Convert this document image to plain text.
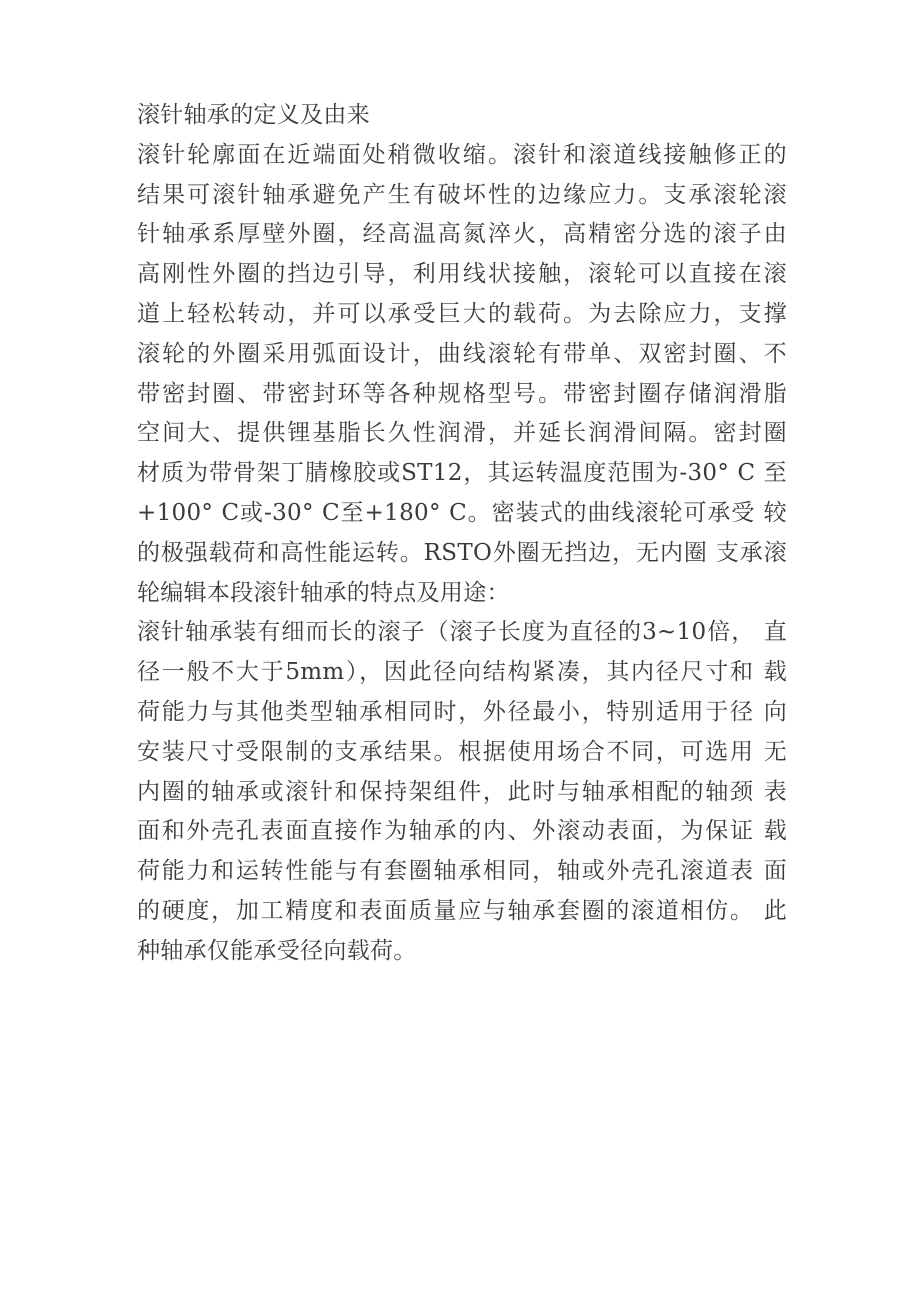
滚针轴承的定义及由来
滚针轮廓面在近端面处稍微收缩。滚针和滚道线接触修正的
结果可滚针轴承避免产生有破坏性的边缘应力。支承滚轮滚
针轴承系厚壁外圈，经高温高氮淬火，高精密分选的滚子由
高刚性外圈的挡边引导，利用线状接触，滚轮可以直接在滚
道上轻松转动，并可以承受巨大的载荷。为去除应力，支撑
滚轮的外圈采用弧面设计，曲线滚轮有带单、双密封圈、不
带密封圈、带密封环等各种规格型号。带密封圈存储润滑脂
空间大、提供锂基脂长久性润滑，并延长润滑间隔。密封圈
材质为带骨架丁腈橡胶或ST12，其运转温度范围为-30° C 至
+100° C或-30° C至+180° C。密装式的曲线滚轮可承受 较
的极强载荷和高性能运转。RSTO外圈无挡边，无内圈 支承滚
轮编辑本段滚针轴承的特点及用途：
滚针轴承装有细而长的滚子（滚子长度为直径的3~10倍， 直
径一般不大于5mm），因此径向结构紧凑，其内径尺寸和 载
荷能力与其他类型轴承相同时，外径最小，特别适用于径 向
安装尺寸受限制的支承结果。根据使用场合不同，可选用 无
内圈的轴承或滚针和保持架组件，此时与轴承相配的轴颈 表
面和外壳孔表面直接作为轴承的内、外滚动表面，为保证 载
荷能力和运转性能与有套圈轴承相同，轴或外壳孔滚道表 面
的硬度，加工精度和表面质量应与轴承套圈的滚道相仿。 此
种轴承仅能承受径向载荷。
